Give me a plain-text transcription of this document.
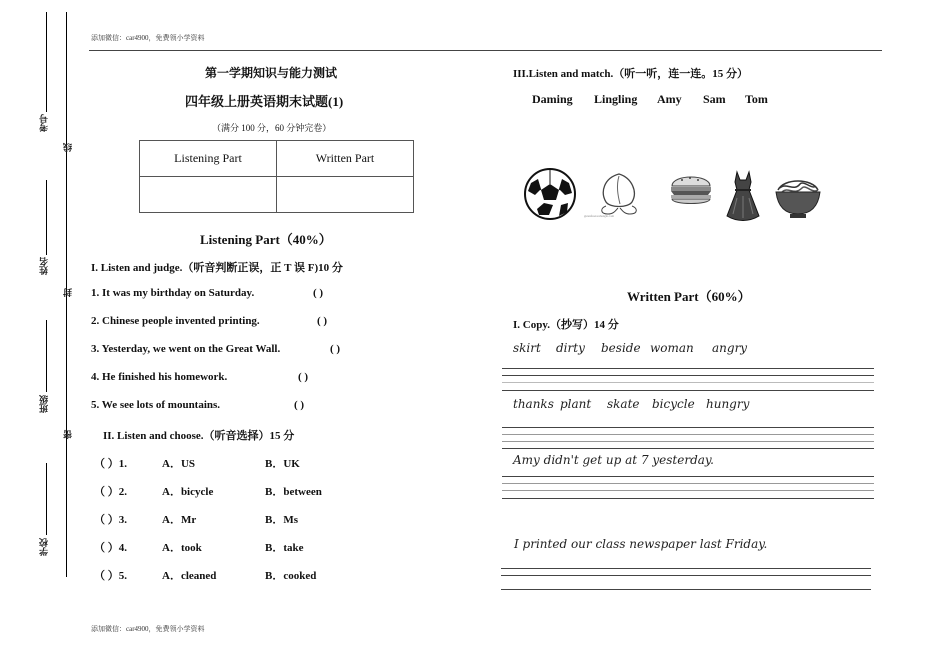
添加微信：car4900，免费领小学资料
添加微信：car4900，免费领小学资料
考号
线
姓名
封
班级
密
学校
第一学期知识与能力测试
四年级上册英语期末试题(1)
（满分 100 分，60 分钟完卷）
Listening Part	Written Part

Listening Part（40%）
I. Listen and judge.（听音判断正误，正 T 误 F)10 分
1. It was my birthday on Saturday.	( )
2. Chinese people invented printing.	( )
3. Yesterday, we went on the Great Wall.	( )
4. He finished his homework.	( )
5. We see lots of mountains.	( )
II. Listen and choose.（听音选择）15 分
（ ）1.	A．US	B．UK
（ ）2.	A．bicycle	B．between
（ ）3.	A．Mr	B．Ms
（ ）4.	A．took	B．take
（ ）5.	A．cleaned	B．cooked
III.Listen and match.（听一听，连一连。15 分）
Daming Lingling Amy Sam Tom
gutenfreetorahangle.com
Written Part（60%）
I. Copy.（抄写）14 分
skirt dirty beside woman angry
thanks plant skate bicycle hungry
Amy didn't get up at 7 yesterday.
I printed our class newspaper last Friday.
